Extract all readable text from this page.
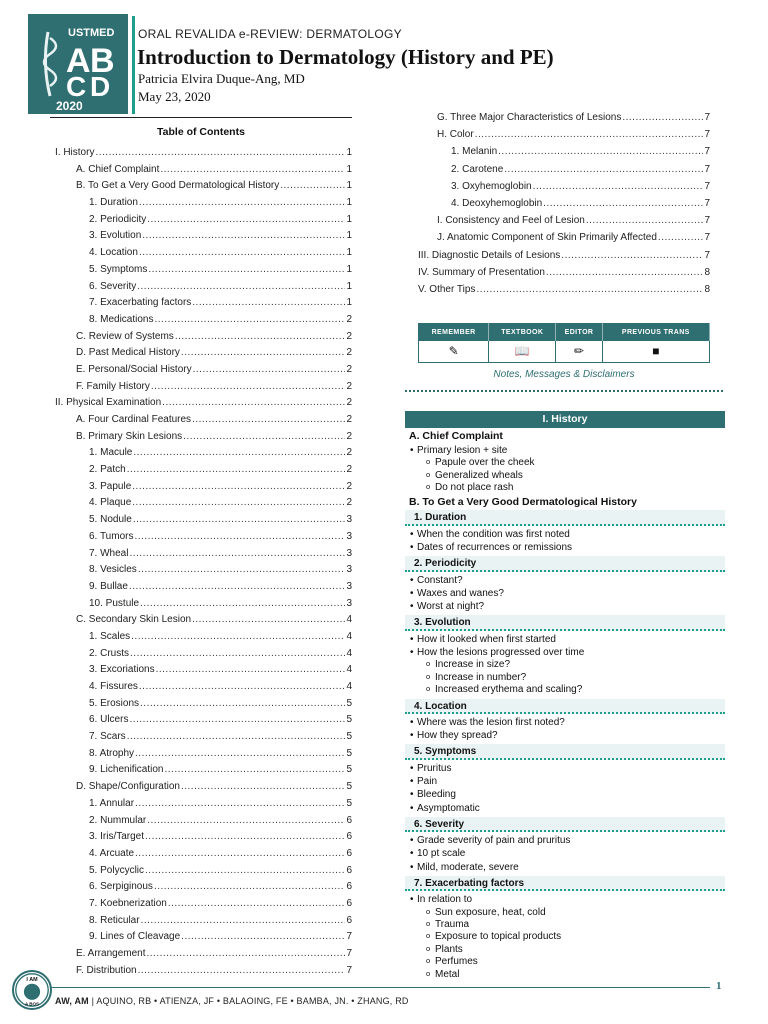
UST MED
A B
C D
2020
ORAL REVALIDA e-REVIEW: DERMATOLOGY
Introduction to Dermatology (History and PE)
Patricia Elvira Duque-Ang, MD
May 23, 2020
Table of Contents
I. History .....	1
A. Chief Complaint .....	1
B. To Get a Very Good Dermatological History .....	1
1. Duration .....	1
2. Periodicity .....	1
3. Evolution .....	1
4. Location .....	1
5. Symptoms .....	1
6. Severity .....	1
7. Exacerbating factors .....	1
8. Medications .....	2
C. Review of Systems .....	2
D. Past Medical History .....	2
E. Personal/Social History .....	2
F. Family History .....	2
II. Physical Examination .....	2
A. Four Cardinal Features .....	2
B. Primary Skin Lesions .....	2
1. Macule .....	2
2. Patch .....	2
3. Papule .....	2
4. Plaque .....	2
5. Nodule .....	3
6. Tumors .....	3
7. Wheal .....	3
8. Vesicles .....	3
9. Bullae .....	3
10. Pustule .....	3
C. Secondary Skin Lesion .....	4
1. Scales .....	4
2. Crusts .....	4
3. Excoriations .....	4
4. Fissures .....	4
5. Erosions .....	5
6. Ulcers .....	5
7. Scars .....	5
8. Atrophy .....	5
9. Lichenification .....	5
D. Shape/Configuration .....	5
1. Annular .....	5
2. Nummular .....	6
3. Iris/Target .....	6
4. Arcuate .....	6
5. Polycyclic .....	6
6. Serpiginous .....	6
7. Koebnerization .....	6
8. Reticular .....	6
9. Lines of Cleavage .....	7
E. Arrangement .....	7
F. Distribution .....	7
G. Three Major Characteristics of Lesions .....	7
H. Color .....	7
1. Melanin .....	7
2. Carotene .....	7
3. Oxyhemoglobin .....	7
4. Deoxyhemoglobin .....	7
I. Consistency and Feel of Lesion .....	7
J. Anatomic Component of Skin Primarily Affected .....	7
III. Diagnostic Details of Lesions .....	7
IV. Summary of Presentation .....	8
V. Other Tips .....	8
REMEMBER	TEXTBOOK	EDITOR	PREVIOUS TRANS
✎	📖	✏	■
Notes, Messages & Disclaimers
I. History
A. Chief Complaint
• Primary lesion + site
o Papule over the cheek
o Generalized wheals
o Do not place rash
B. To Get a Very Good Dermatological History
1. Duration
• When the condition was first noted
• Dates of recurrences or remissions
2. Periodicity
• Constant?
• Waxes and wanes?
• Worst at night?
3. Evolution
• How it looked when first started
• How the lesions progressed over time
o Increase in size?
o Increase in number?
o Increased erythema and scaling?
4. Location
• Where was the lesion first noted?
• How they spread?
5. Symptoms
• Pruritus
• Pain
• Bleeding
• Asymptomatic
6. Severity
• Grade severity of pain and pruritus
• 10 pt scale
• Mild, moderate, severe
7. Exacerbating factors
• In relation to
o Sun exposure, heat, cold
o Trauma
o Exposure to topical products
o Plants
o Perfumes
o Metal
I AM
A BOS
1
AW, AM | AQUINO, RB • ATIENZA, JF • BALAOING, FE • BAMBA, JN. • ZHANG, RD
